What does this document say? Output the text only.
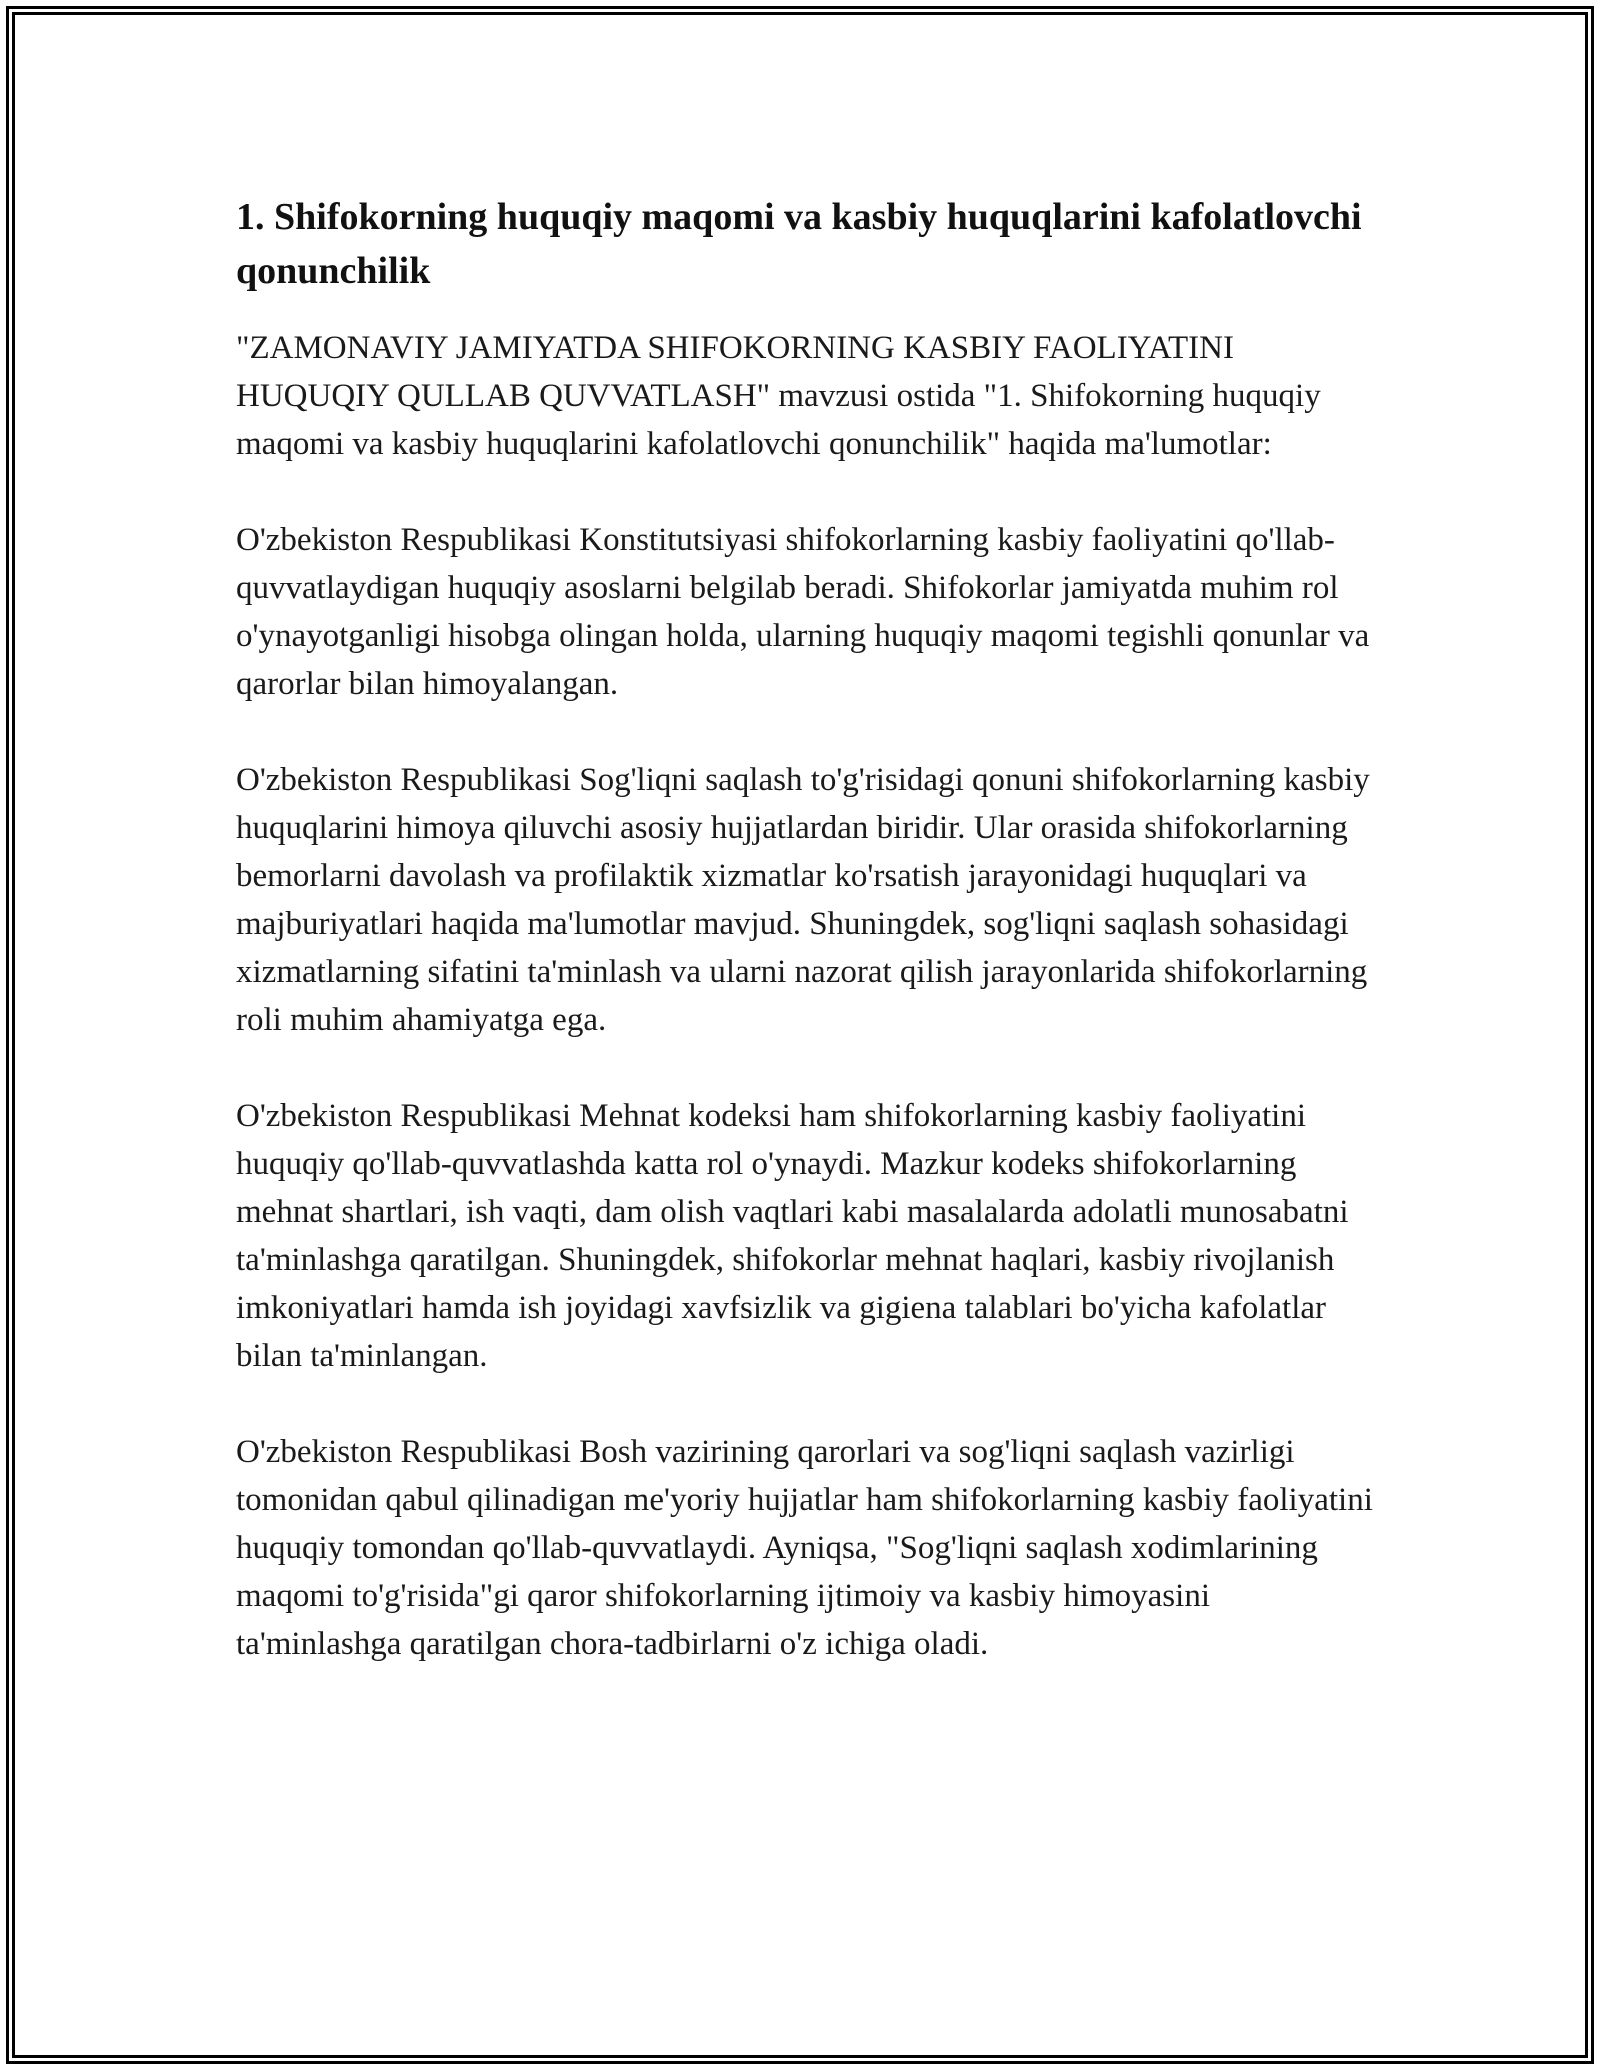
1. Shifokorning huquqiy maqomi va kasbiy huquqlarini kafolatlovchi qonunchilik

"ZAMONAVIY JAMIYATDA SHIFOKORNING KASBIY FAOLIYATINI HUQUQIY QULLAB QUVVATLASH" mavzusi ostida "1. Shifokorning huquqiy maqomi va kasbiy huquqlarini kafolatlovchi qonunchilik" haqida ma'lumotlar:

O'zbekiston Respublikasi Konstitutsiyasi shifokorlarning kasbiy faoliyatini qo'llab-quvvatlaydigan huquqiy asoslarni belgilab beradi. Shifokorlar jamiyatda muhim rol o'ynayotganligi hisobga olingan holda, ularning huquqiy maqomi tegishli qonunlar va qarorlar bilan himoyalangan.

O'zbekiston Respublikasi Sog'liqni saqlash to'g'risidagi qonuni shifokorlarning kasbiy huquqlarini himoya qiluvchi asosiy hujjatlardan biridir. Ular orasida shifokorlarning bemorlarni davolash va profilaktik xizmatlar ko'rsatish jarayonidagi huquqlari va majburiyatlari haqida ma'lumotlar mavjud. Shuningdek, sog'liqni saqlash sohasidagi xizmatlarning sifatini ta'minlash va ularni nazorat qilish jarayonlarida shifokorlarning roli muhim ahamiyatga ega.

O'zbekiston Respublikasi Mehnat kodeksi ham shifokorlarning kasbiy faoliyatini huquqiy qo'llab-quvvatlashda katta rol o'ynaydi. Mazkur kodeks shifokorlarning mehnat shartlari, ish vaqti, dam olish vaqtlari kabi masalalarda adolatli munosabatni ta'minlashga qaratilgan. Shuningdek, shifokorlar mehnat haqlari, kasbiy rivojlanish imkoniyatlari hamda ish joyidagi xavfsizlik va gigiena talablari bo'yicha kafolatlar bilan ta'minlangan.

O'zbekiston Respublikasi Bosh vazirining qarorlari va sog'liqni saqlash vazirligi tomonidan qabul qilinadigan me'yoriy hujjatlar ham shifokorlarning kasbiy faoliyatini huquqiy tomondan qo'llab-quvvatlaydi. Ayniqsa, "Sog'liqni saqlash xodimlarining maqomi to'g'risida"gi qaror shifokorlarning ijtimoiy va kasbiy himoyasini ta'minlashga qaratilgan chora-tadbirlarni o'z ichiga oladi.
